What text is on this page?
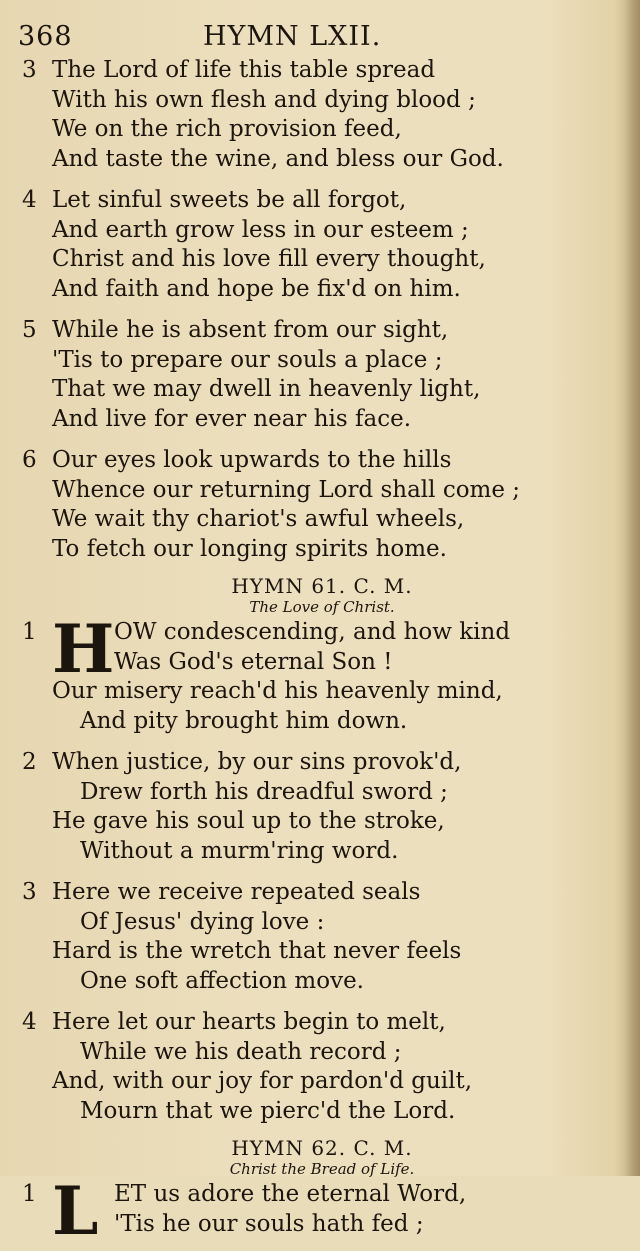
368	HYMN LXII.
3 The Lord of life this table spread
With his own flesh and dying blood ;
We on the rich provision feed,
And taste the wine, and bless our God.
4 Let sinful sweets be all forgot,
And earth grow less in our esteem ;
Christ and his love fill every thought,
And faith and hope be fix'd on him.
5 While he is absent from our sight,
'Tis to prepare our souls a place ;
That we may dwell in heavenly light,
And live for ever near his face.
6 Our eyes look upwards to the hills
Whence our returning Lord shall come ;
We wait thy chariot's awful wheels,
To fetch our longing spirits home.
HYMN 61. C. M.
The Love of Christ.
1 H OW condescending, and how kind
Was God's eternal Son !
Our misery reach'd his heavenly mind,
And pity brought him down.
2 When justice, by our sins provok'd,
Drew forth his dreadful sword ;
He gave his soul up to the stroke,
Without a murm'ring word.
3 Here we receive repeated seals
Of Jesus' dying love :
Hard is the wretch that never feels
One soft affection move.
4 Here let our hearts begin to melt,
While we his death record ;
And, with our joy for pardon'd guilt,
Mourn that we pierc'd the Lord.
HYMN 62. C. M.
Christ the Bread of Life.
1 L ET us adore the eternal Word,
'Tis he our souls hath fed ;
